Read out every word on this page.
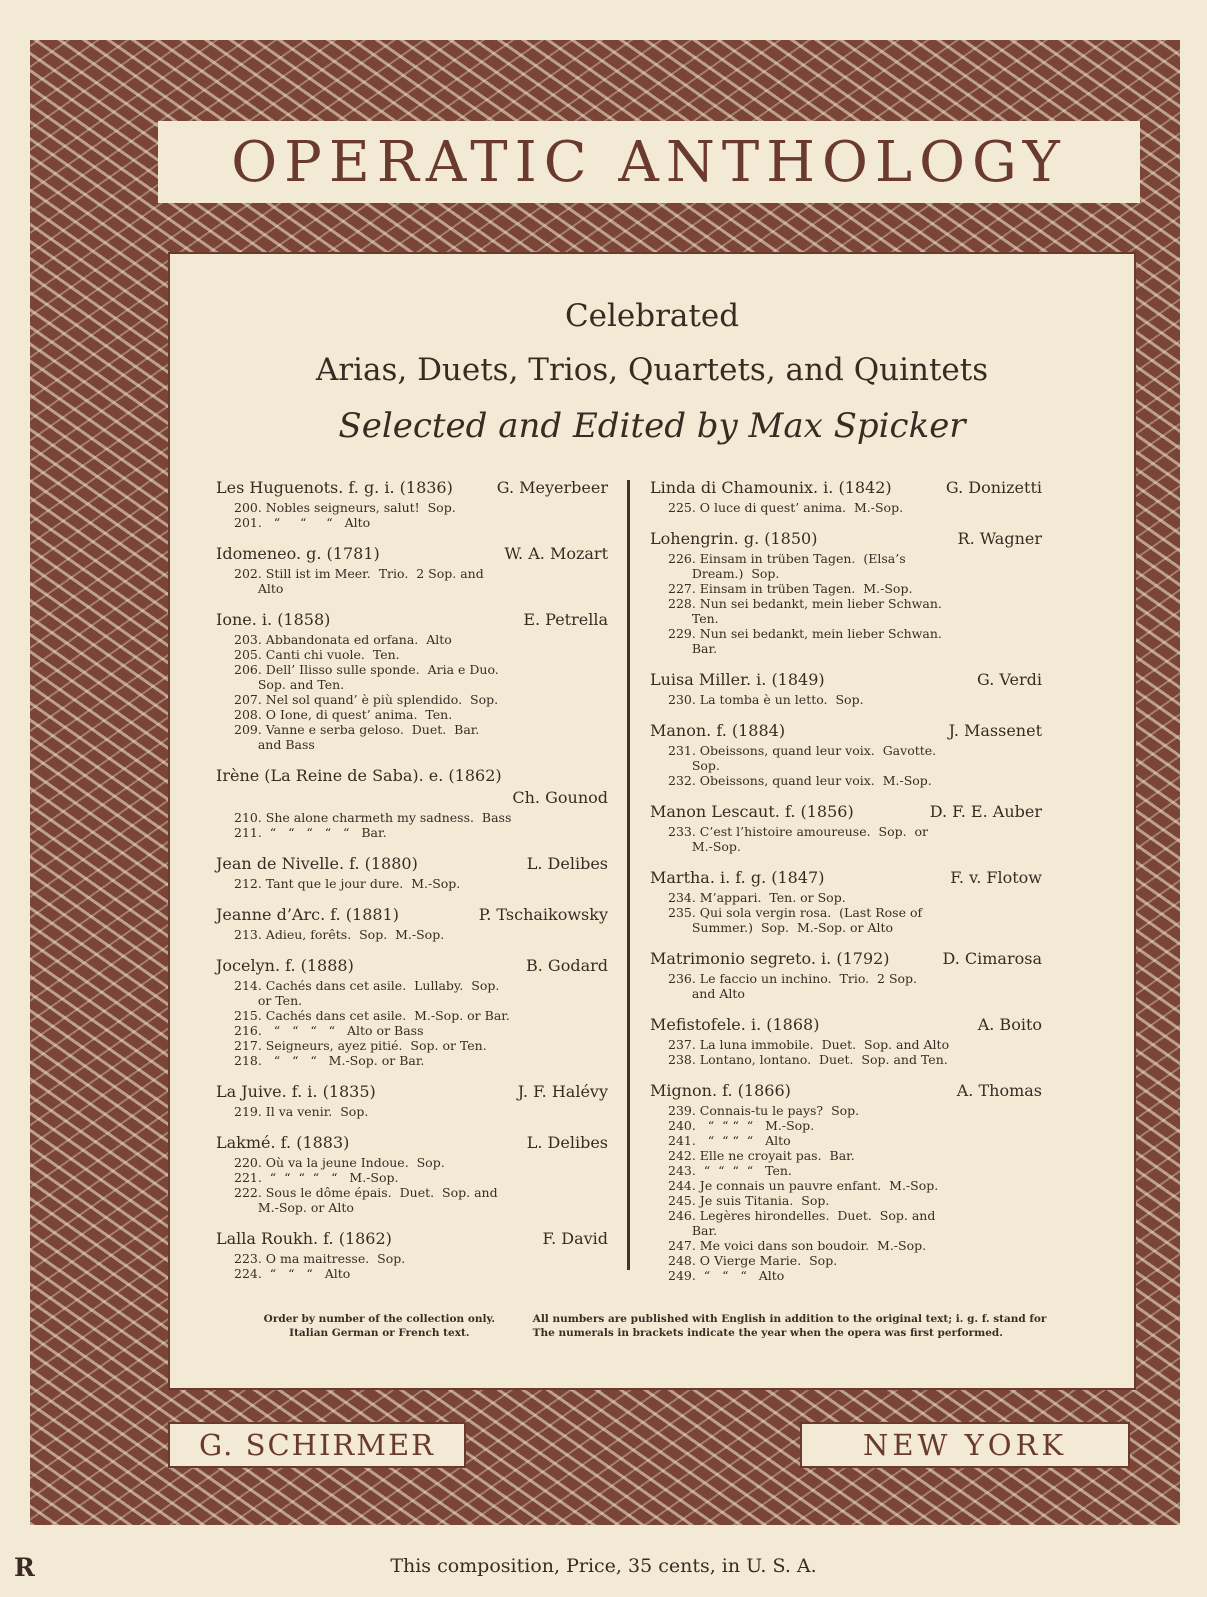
OPERATIC ANTHOLOGY
Celebrated
Arias, Duets, Trios, Quartets, and Quintets
Selected and Edited by Max Spicker
Les Huguenots. f. g. i. (1836)	G. Meyerbeer
200. Nobles seigneurs, salut!  Sop.
201.   “     “     “   Alto
Idomeneo. g. (1781)	W. A. Mozart
202. Still ist im Meer.  Trio.  2 Sop. and
Alto
Ione. i. (1858)	E. Petrella
203. Abbandonata ed orfana.  Alto
205. Canti chi vuole.  Ten.
206. Dell’ Ilisso sulle sponde.  Aria e Duo.
Sop. and Ten.
207. Nel sol quand’ è più splendido.  Sop.
208. O Ione, di quest’ anima.  Ten.
209. Vanne e serba geloso.  Duet.  Bar.
and Bass
Irène (La Reine de Saba). e. (1862)
Ch. Gounod
210. She alone charmeth my sadness.  Bass
211.  “   “   “   “   “   Bar.
Jean de Nivelle. f. (1880)	L. Delibes
212. Tant que le jour dure.  M.-Sop.
Jeanne d’Arc. f. (1881)	P. Tschaikowsky
213. Adieu, forêts.  Sop.  M.-Sop.
Jocelyn. f. (1888)	B. Godard
214. Cachés dans cet asile.  Lullaby.  Sop.
or Ten.
215. Cachés dans cet asile.  M.-Sop. or Bar.
216.   “   “   “   “   Alto or Bass
217. Seigneurs, ayez pitié.  Sop. or Ten.
218.   “   “   “   M.-Sop. or Bar.
La Juive. f. i. (1835)	J. F. Halévy
219. Il va venir.  Sop.
Lakmé. f. (1883)	L. Delibes
220. Où va la jeune Indoue.  Sop.
221.  “  “  “  “   “   M.-Sop.
222. Sous le dôme épais.  Duet.  Sop. and
M.-Sop. or Alto
Lalla Roukh. f. (1862)	F. David
223. O ma maitresse.  Sop.
224.  “   “   “   Alto
Linda di Chamounix. i. (1842)	G. Donizetti
225. O luce di quest’ anima.  M.-Sop.
Lohengrin. g. (1850)	R. Wagner
226. Einsam in trüben Tagen.  (Elsa’s
Dream.)  Sop.
227. Einsam in trüben Tagen.  M.-Sop.
228. Nun sei bedankt, mein lieber Schwan.
Ten.
229. Nun sei bedankt, mein lieber Schwan.
Bar.
Luisa Miller. i. (1849)	G. Verdi
230. La tomba è un letto.  Sop.
Manon. f. (1884)	J. Massenet
231. Obeissons, quand leur voix.  Gavotte.
Sop.
232. Obeissons, quand leur voix.  M.-Sop.
Manon Lescaut. f. (1856)	D. F. E. Auber
233. C’est l’histoire amoureuse.  Sop.  or
M.-Sop.
Martha. i. f. g. (1847)	F. v. Flotow
234. M’appari.  Ten. or Sop.
235. Qui sola vergin rosa.  (Last Rose of
Summer.)  Sop.  M.-Sop. or Alto
Matrimonio segreto. i. (1792)	D. Cimarosa
236. Le faccio un inchino.  Trio.  2 Sop.
and Alto
Mefistofele. i. (1868)	A. Boito
237. La luna immobile.  Duet.  Sop. and Alto
238. Lontano, lontano.  Duet.  Sop. and Ten.
Mignon. f. (1866)	A. Thomas
239. Connais-tu le pays?  Sop.
240.   “  “ “  “   M.-Sop.
241.   “  “ “  “   Alto
242. Elle ne croyait pas.  Bar.
243.  “  “  “  “   Ten.
244. Je connais un pauvre enfant.  M.-Sop.
245. Je suis Titania.  Sop.
246. Legères hirondelles.  Duet.  Sop. and
Bar.
247. Me voici dans son boudoir.  M.-Sop.
248. O Vierge Marie.  Sop.
249.  “   “   “   Alto
Order by number of the collection only.
Italian German or French text.
All numbers are published with English in addition to the original text; i. g. f. stand for
The numerals in brackets indicate the year when the opera was first performed.
G. SCHIRMER	NEW YORK
R	This composition, Price, 35 cents, in U. S. A.
